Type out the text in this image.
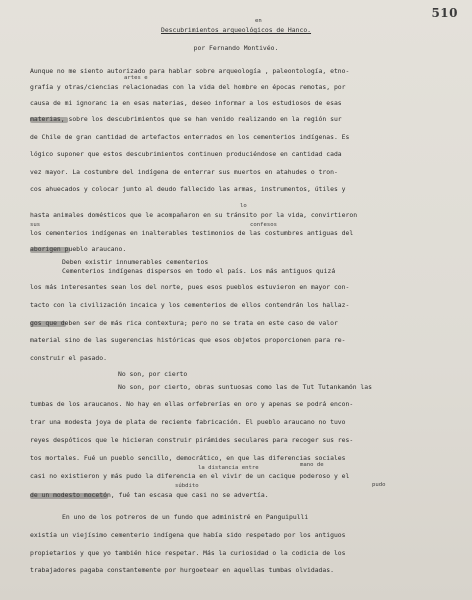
510
en
Descubrimientos arqueológicos de Hanco.
por Fernando Montivéo.
Aunque no me siento autorizado para hablar sobre arqueología , paleontología, etno-
artes e
grafía y otras/ciencias relacionadas con la vida del hombre en épocas remotas, por
causa de mi ignoranc ia en esas materias, deseo informar a los estudiosos de esas
materias, sobre los descubrimientos que se han venido realizando en la región sur
de Chile de gran cantidad de artefactos enterrados en los cementerios indígenas. Es
lógico suponer que estos descubrimientos continuen produciéndose en cantidad cada
vez mayor. La costumbre del indígena de enterrar sus muertos en atahudes o tron-
cos ahuecados y colocar junto al deudo fallecido las armas, instrumentos, útiles y
lo
hasta animales domésticos que le acompañaron en su tránsito por la vida, convirtieron
confesos
sus
los cementerios indígenas en inalterables testimonios de las costumbres antiguas del
aborigen pueblo araucano.
Deben existir innumerables cementerios
Cementerios indígenas dispersos en todo el país. Los más antiguos quizá
los más interesantes sean los del norte, pues esos pueblos estuvieron en mayor con-
tacto con la civilización incaica y los cementerios de ellos contendrán los hallaz-
gos que deben ser de más rica contextura; pero no se trata en este caso de valor
material sino de las sugerencias históricas que esos objetos proporcionen para re-
construir el pasado.
No son, por cierto
No son, por cierto, obras suntuosas como las de Tut Tutankamón las
tumbas de los araucanos. No hay en ellas orfebrerías en oro y apenas se podrá encon-
trar una modesta joya de plata de reciente fabricación. El pueblo araucano no tuvo
reyes despóticos que le hicieran construir pirámides seculares para recoger sus res-
tos mortales. Fué un pueblo sencillo, democrático, en que las diferencias sociales
la distancia entre	mano de
casi no existieron y más pudo la diferencia en el vivir de un cacique poderoso y el
pudo
súbdito
de un modesto mocetón, fué tan escasa que casi no se advertía.
En uno de los potreros de un fundo que administré en Panguipulli
existía un viejísimo cementerio indígena que había sido respetado por los antiguos
propietarios y que yo también hice respetar. Más la curiosidad o la codicia de los
trabajadores pagaba constantemente por hurgoetear en aquellas tumbas olvidadas.
